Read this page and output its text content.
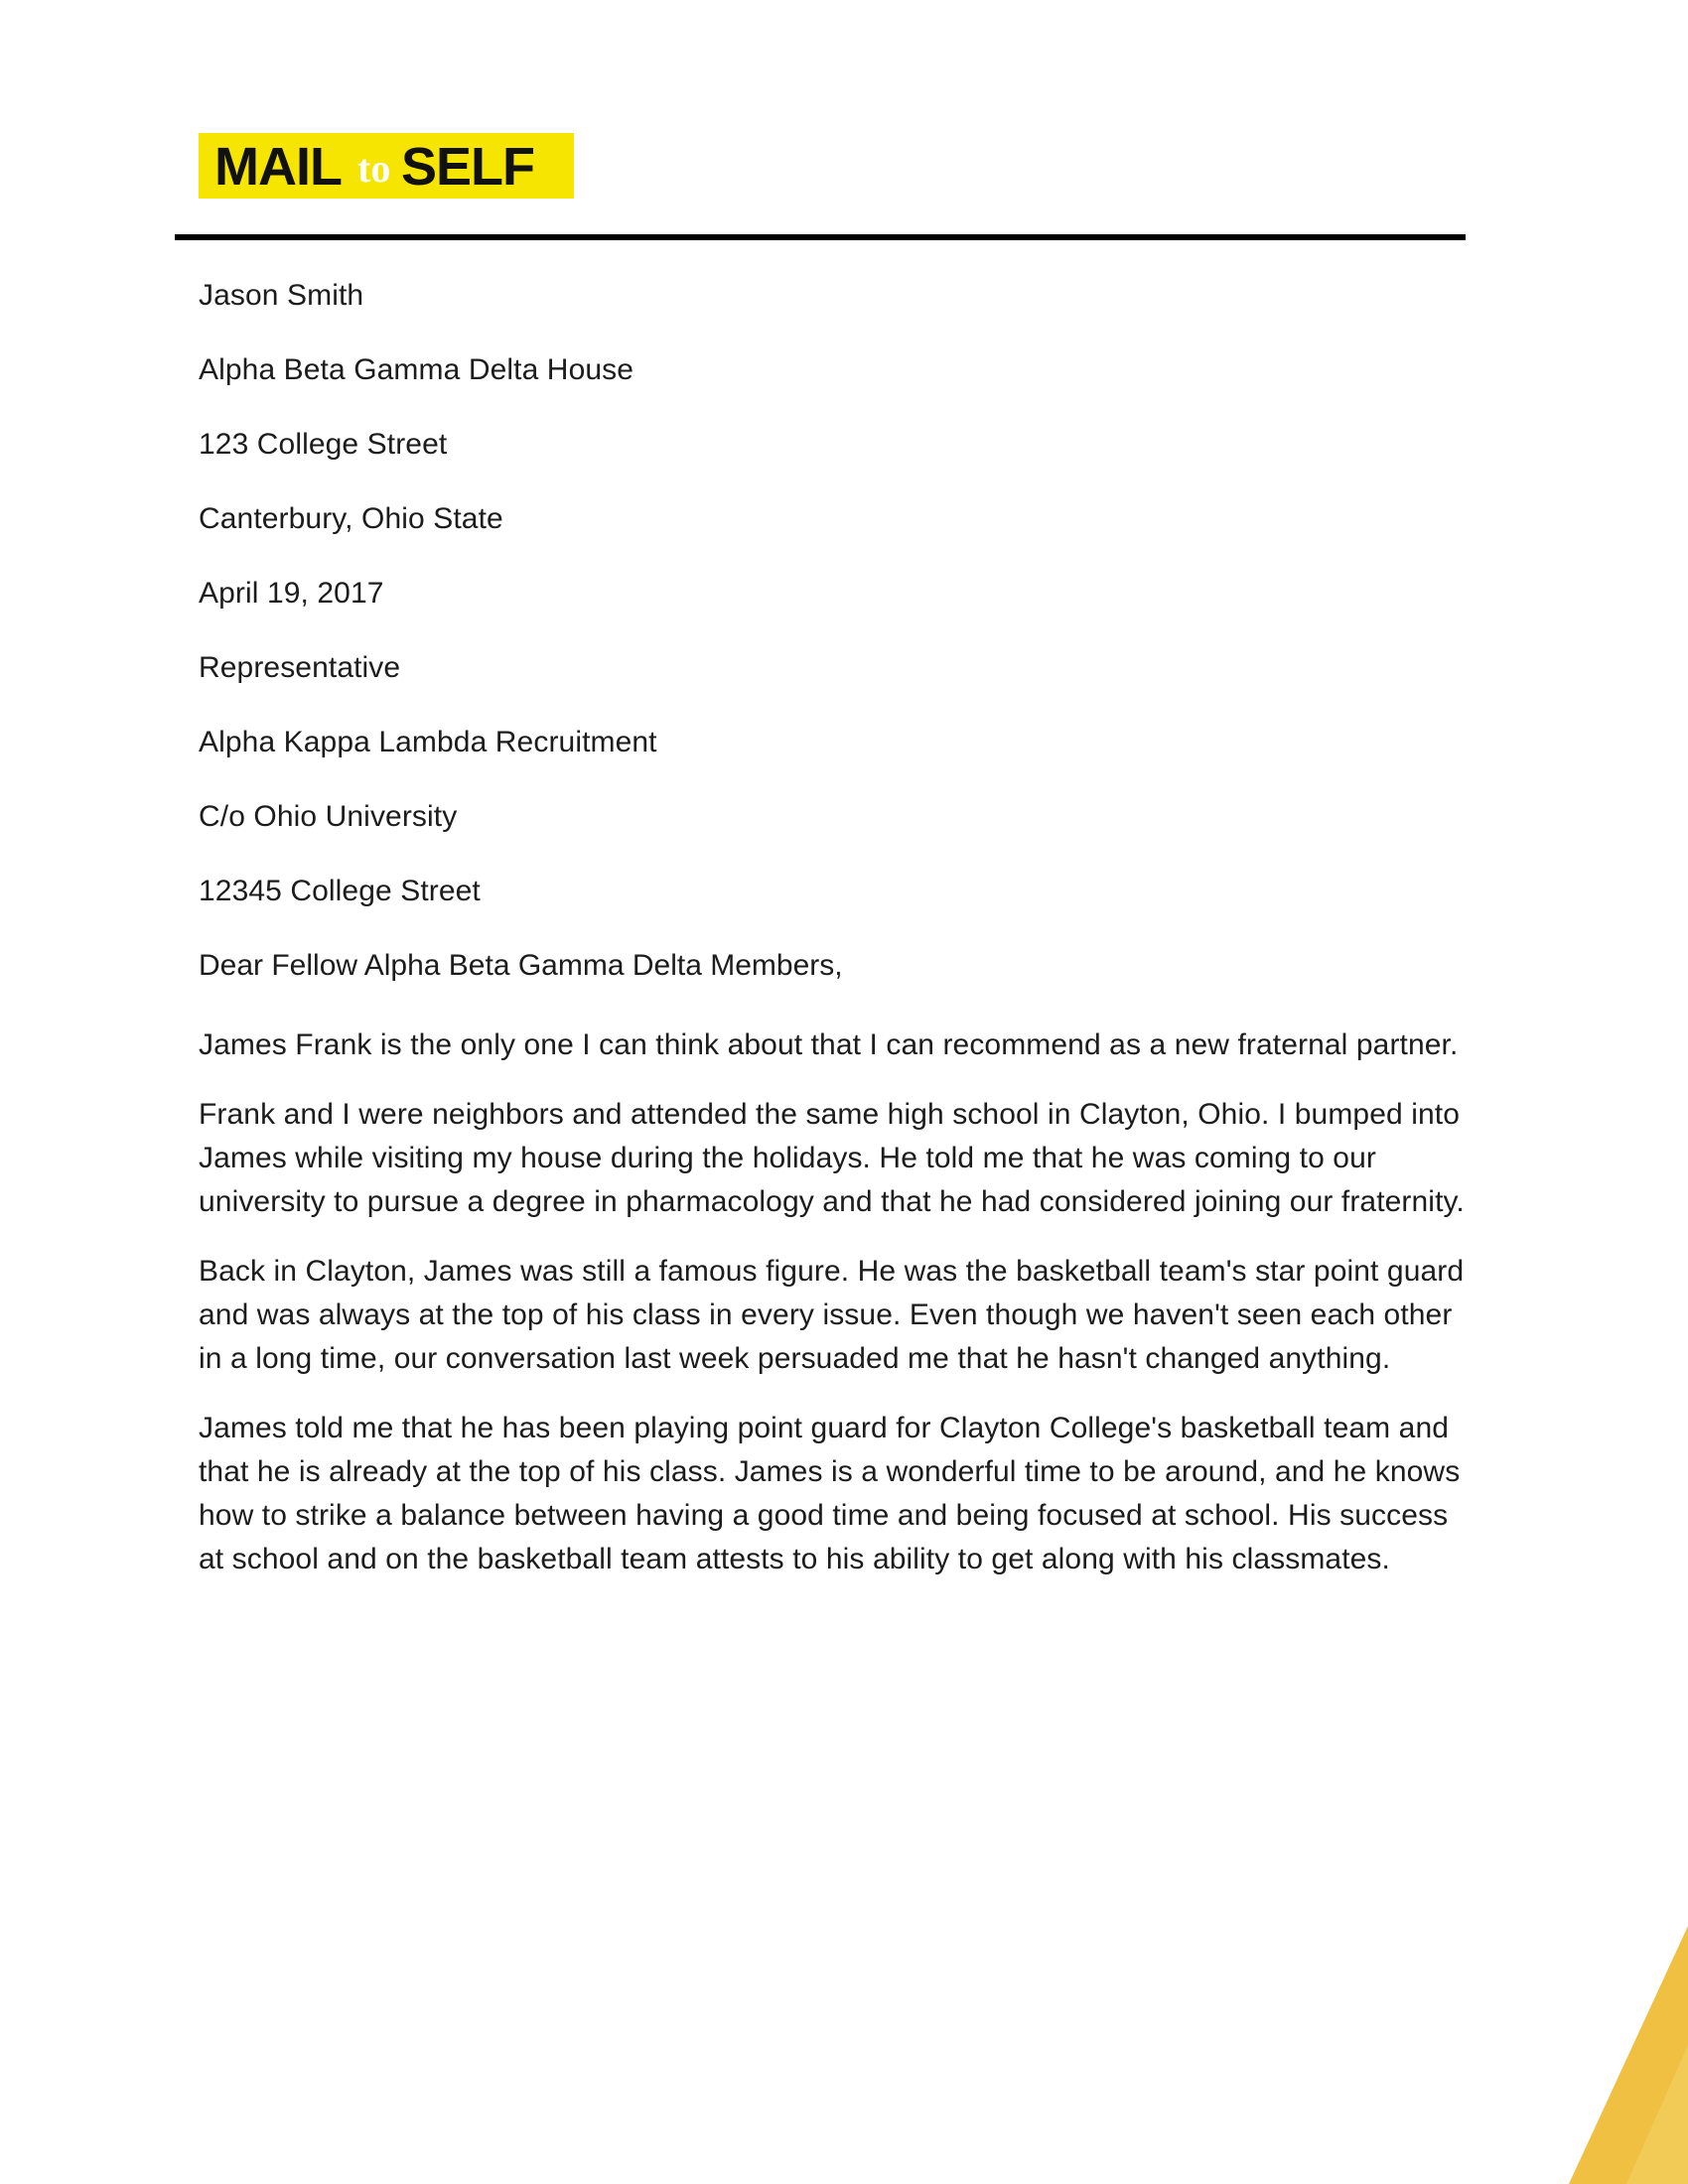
MAIL SELF
to

Jason Smith

Alpha Beta Gamma Delta House

123 College Street

Canterbury, Ohio State

April 19, 2017

Representative

Alpha Kappa Lambda Recruitment

C/o Ohio University

12345 College Street

Dear Fellow Alpha Beta Gamma Delta Members,

James Frank is the only one I can think about that I can recommend as a new fraternal partner.

Frank and I were neighbors and attended the same high school in Clayton, Ohio. I bumped into James while visiting my house during the holidays. He told me that he was coming to our university to pursue a degree in pharmacology and that he had considered joining our fraternity.

Back in Clayton, James was still a famous figure. He was the basketball team's star point guard and was always at the top of his class in every issue. Even though we haven't seen each other in a long time, our conversation last week persuaded me that he hasn't changed anything.

James told me that he has been playing point guard for Clayton College's basketball team and that he is already at the top of his class. James is a wonderful time to be around, and he knows how to strike a balance between having a good time and being focused at school. His success at school and on the basketball team attests to his ability to get along with his classmates.
